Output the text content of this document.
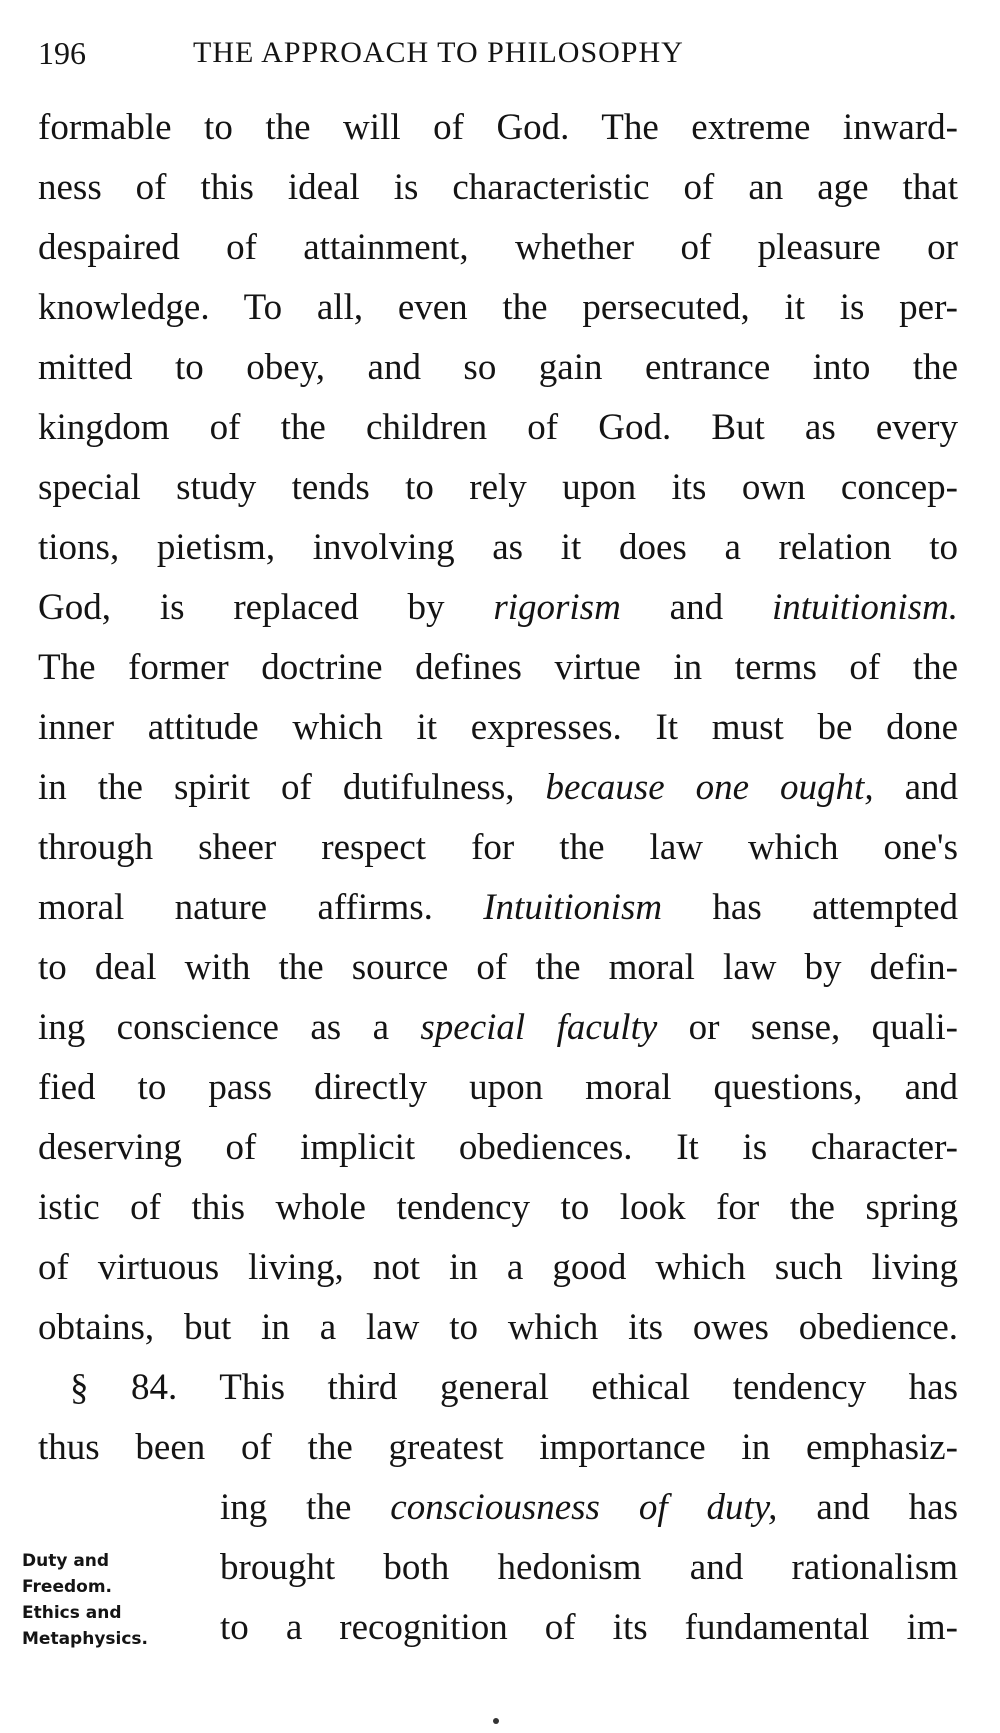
196	THE APPROACH TO PHILOSOPHY
formable to the will of God. The extreme inward-
ness of this ideal is characteristic of an age that
despaired of attainment, whether of pleasure or
knowledge. To all, even the persecuted, it is per-
mitted to obey, and so gain entrance into the
kingdom of the children of God. But as every
special study tends to rely upon its own concep-
tions, pietism, involving as it does a relation to
God, is replaced by rigorism and intuitionism.
The former doctrine defines virtue in terms of the
inner attitude which it expresses. It must be done
in the spirit of dutifulness, because one ought, and
through sheer respect for the law which one's
moral nature affirms. Intuitionism has attempted
to deal with the source of the moral law by defin-
ing conscience as a special faculty or sense, quali-
fied to pass directly upon moral questions, and
deserving of implicit obediences. It is character-
istic of this whole tendency to look for the spring
of virtuous living, not in a good which such living
obtains, but in a law to which its owes obedience.
§ 84. This third general ethical tendency has
thus been of the greatest importance in emphasiz-
ing the consciousness of duty, and has
brought both hedonism and rationalism
to a recognition of its fundamental im-
Duty and
Freedom.
Ethics and
Metaphysics.
